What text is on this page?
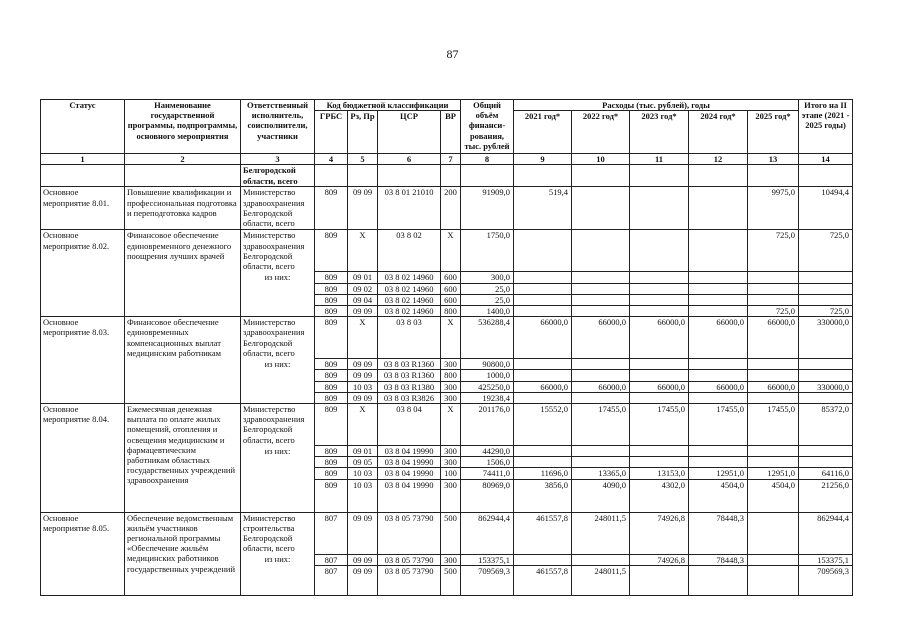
87
Статус	Наименование государственной программы, подпрограммы, основного мероприятия	Ответственный исполнитель, соисполнители, участники	Код бюджетной классификации				Общий объём финанси-рования, тыс. рублей	Расходы (тыс. рублей), годы					Итого на II этапе (2021 - 2025 годы)
			ГРБС	Рз, Пр	ЦСР	ВР		2021 год*	2022 год*	2023 год*	2024 год*	2025 год*	
1	2	3	4	5	6	7	8	9	10	11	12	13	14
		Белгородской области, всего											
Основное мероприятие 8.01.	Повышение квалификации и профессиональная подготовка и переподготовка кадров	Министерство здравоохранения Белгородской области, всего	809	09 09	03 8 01 21010	200	91909,0	519,4				9975,0	10494,4
Основное мероприятие 8.02.	Финансовое обеспечение единовременного денежного поощрения лучших врачей	Министерство здравоохранения Белгородской области, всего	809	Х	03 8 02	Х	1750,0					725,0	725,0
		из них:	809	09 01	03 8 02 14960	600	300,0						
			809	09 02	03 8 02 14960	600	25,0						
			809	09 04	03 8 02 14960	600	25,0						
			809	09 09	03 8 02 14960	800	1400,0					725,0	725,0
Основное мероприятие 8.03.	Финансовое обеспечение единовременных компенсационных выплат медицинским работникам	Министерство здравоохранения Белгородской области, всего	809	Х	03 8 03	Х	536288,4	66000,0	66000,0	66000,0	66000,0	66000,0	330000,0
		из них:	809	09 09	03 8 03 R1360	300	90800,0						
			809	09 09	03 8 03 R1360	800	1000,0						
			809	10 03	03 8 03 R1380	300	425250,0	66000,0	66000,0	66000,0	66000,0	66000,0	330000,0
			809	09 09	03 8 03 R3826	300	19238,4						
Основное мероприятие 8.04.	Ежемесячная денежная выплата по оплате жилых помещений, отопления и освещения медицинским и фармацевтическим работникам областных государственных учреждений здравоохранения	Министерство здравоохранения Белгородской области, всего	809	Х	03 8 04	Х	201176,0	15552,0	17455,0	17455,0	17455,0	17455,0	85372,0
		из них:	809	09 01	03 8 04 19990	300	44290,0						
			809	09 05	03 8 04 19990	300	1506,0						
			809	10 03	03 8 04 19990	100	74411,0	11696,0	13365,0	13153,0	12951,0	12951,0	64116,0
			809	10 03	03 8 04 19990	300	80969,0	3856,0	4090,0	4302,0	4504,0	4504,0	21256,0
Основное мероприятие 8.05.	Обеспечение ведомственным жильём участников региональной программы «Обеспечение жильём медицинских работников государственных учреждений	Министерство строительства Белгородской области, всего	807	09 09	03 8 05 73790	500	862944,4	461557,8	248011,5	74926,8	78448,3		862944,4
		из них:	807	09 09	03 8 05 73790	300	153375,1			74926,8	78448,3		153375,1
			807	09 09	03 8 05 73790	500	709569,3	461557,8	248011,5				709569,3
